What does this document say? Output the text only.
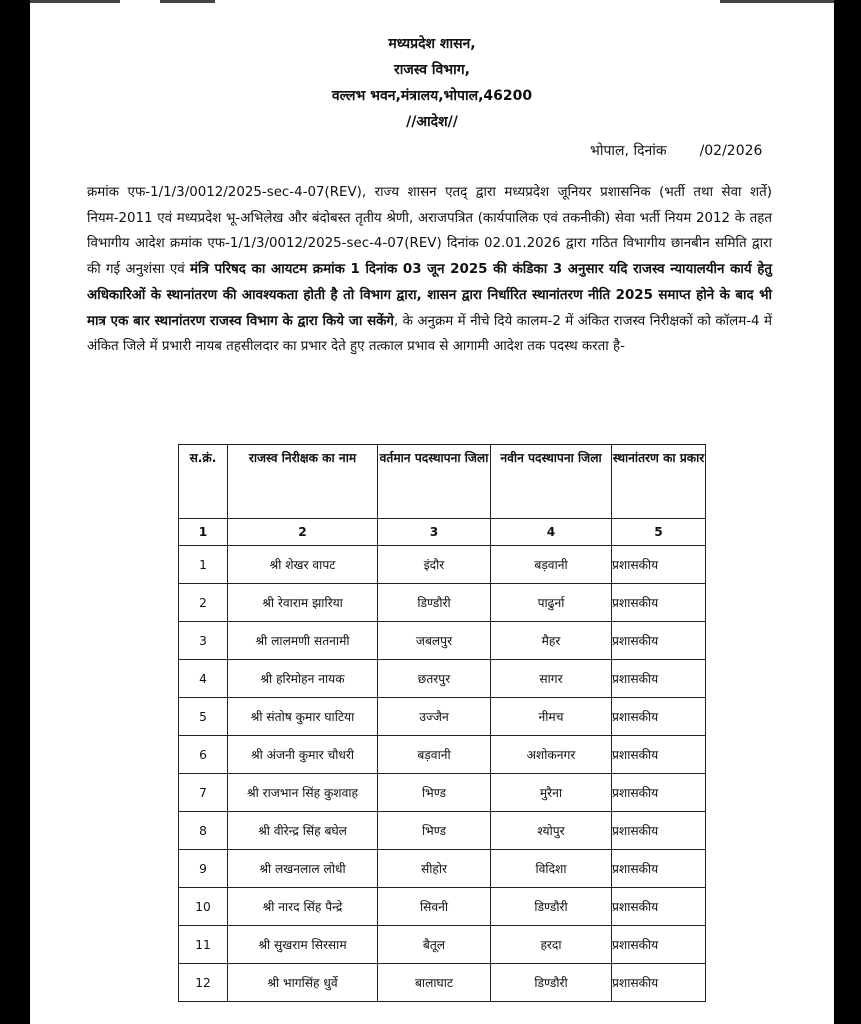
मध्यप्रदेश शासन,
राजस्व विभाग,
वल्लभ भवन,मंत्रालय,भोपाल,46200
//आदेश//
भोपाल, दिनांक /02/2026
क्रमांक एफ-1/1/3/0012/2025-sec-4-07(REV), राज्य शासन एतद् द्वारा मध्यप्रदेश जूनियर प्रशासनिक (भर्ती तथा सेवा शर्ते) नियम-2011 एवं मध्यप्रदेश भू-अभिलेख और बंदोबस्त तृतीय श्रेणी, अराजपत्रित (कार्यपालिक एवं तकनीकी) सेवा भर्ती नियम 2012 के तहत विभागीय आदेश क्रमांक एफ-1/1/3/0012/2025-sec-4-07(REV) दिनांक 02.01.2026 द्वारा गठित विभागीय छानबीन समिति द्वारा की गई अनुशंसा एवं मंत्रि परिषद का आयटम क्रमांक 1 दिनांक 03 जून 2025 की कंडिका 3 अनुसार यदि राजस्व न्यायालयीन कार्य हेतु अधिकारिओं के स्थानांतरण की आवश्यकता होती है तो विभाग द्वारा, शासन द्वारा निर्धारित स्थानांतरण नीति 2025 समाप्त होने के बाद भी मात्र एक बार स्थानांतरण राजस्व विभाग के द्वारा किये जा सकेंगे, के अनुक्रम में नीचे दिये कालम-2 में अंकित राजस्व निरीक्षकों को कॉलम-4 में अंकित जिले में प्रभारी नायब तहसीलदार का प्रभार देते हुए तत्काल प्रभाव से आगामी आदेश तक पदस्थ करता है-
स.क्रं.	राजस्व निरीक्षक का नाम	वर्तमान पदस्थापना जिला	नवीन पदस्थापना जिला	स्थानांतरण का प्रकार
1	2	3	4	5
1	श्री शेखर वापट	इंदौर	बड़वानी	प्रशासकीय
2	श्री रेवाराम झारिया	डिण्डौरी	पाढुर्ना	प्रशासकीय
3	श्री लालमणी सतनामी	जबलपुर	मैहर	प्रशासकीय
4	श्री हरिमोहन नायक	छतरपुर	सागर	प्रशासकीय
5	श्री संतोष कुमार घाटिया	उज्जैन	नीमच	प्रशासकीय
6	श्री अंजनी कुमार चौधरी	बड़वानी	अशोकनगर	प्रशासकीय
7	श्री राजभान सिंह कुशवाह	भिण्ड	मुरैना	प्रशासकीय
8	श्री वीरेन्द्र सिंह बघेल	भिण्ड	श्योपुर	प्रशासकीय
9	श्री लखनलाल लोधी	सीहोर	विदिशा	प्रशासकीय
10	श्री नारद सिंह पैन्द्रे	सिवनी	डिण्डौरी	प्रशासकीय
11	श्री सुखराम सिरसाम	बैतूल	हरदा	प्रशासकीय
12	श्री भागसिंह धुर्वे	बालाघाट	डिण्डौरी	प्रशासकीय
